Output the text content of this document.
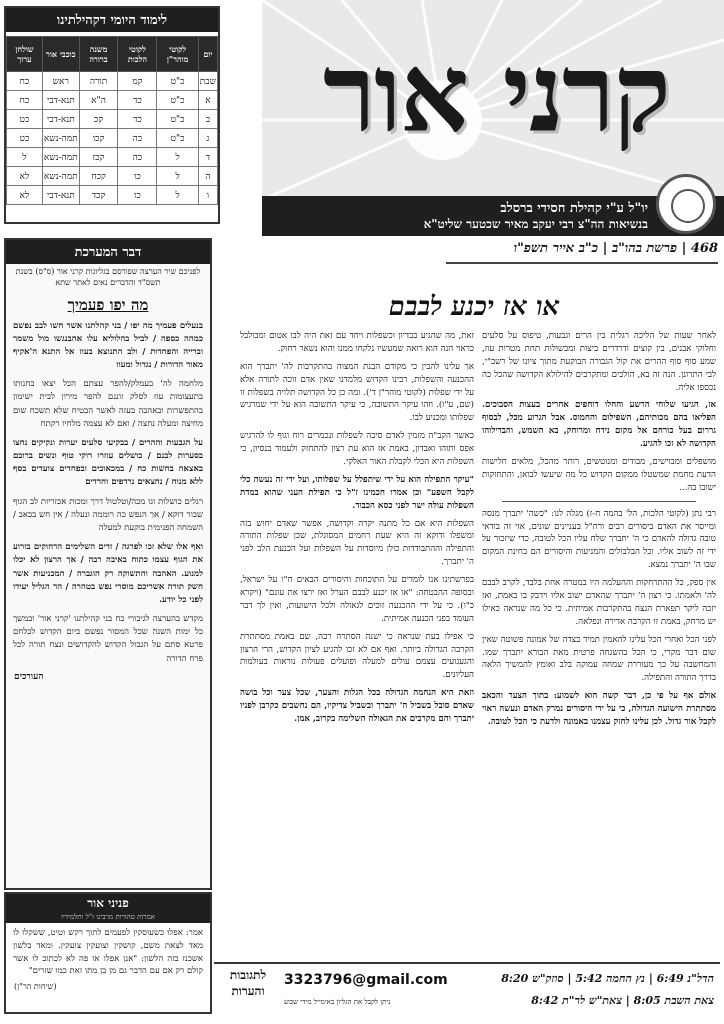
קרני אור
יו"ל ע"י קהילת חסידי ברסלב
בנשיאות הה"צ רבי יעקב מאיר שכטער שליט"א
468 | פרשת בהו"ב | כ"ב אייר תשפ"ו
לימוד היומי דקהילתינו
יום	לקוטי מוהר"ן	לקוטי הלכות	משנה ברורה	כוכבי אור	שולחן ערוך
שבת	כ"ט	קמ	תורה	ראש	כח
א	כ"ט	כד	ה"א	תנא-דבי	כח
ב	כ"ט	כד	קכ	תנא-דבי	כט
ג	כ"ט	כה	קכו	תמה-נשא	כט
ד	ל	כה	קכז	תמה-נשא	ל
ה	ל	כו	קכח	תמה-נשא	לא
ו	ל	כו	קכד	תנא-דבי	לא
דבר המערכת
לפניכם שיר הערצה שפורסם בגליונות קרני אור (ס"ס) בשנת תשס"ד והדברים נאים לאתר שתא
מה יפו פעמיך
בנעלים פעמיך מה יפו / בני קהלתנו אשר חשו לבב נפשם כמהה כספה / לביל בהלוליא עלו אחבנגשו מול משמר וברייה והפחדות / ולב התנוצא בעוז אל התנא ה'אקיף מאור הדורות / נגדול ומעוז
מלחמה לה' בעמלק/להפר עצתם הכל יצאו בחנותו בתעצומות עוז לסלק זוננם להפר מירון לבית ישימון בהתפשרות ובאהבה בעזה לאשר הבטיח שלא תשכח שום מחיצה ומעלה נחצה / ואם לא עצמה מלחיו רקתח
על הגבעות וההרים / בבקיעי סלעים יערות ונקיקים נחצו בסערות לבנם / כושלים עוזרו רוקי טוף ונשים ברובם באצאה בחשות כח / במכאובים ובפחדים צועדים בסף ללא מנוח / נחצאים נרדפים וחרדים
רגלים כושלות וגו מכה/וטלטול דרך ומכות אכזריות לב הגוף שבור דוקא / אך הנפש כה רוממה ונעלה / אין חש בכאב / השמחה הפנימית בוקעת למעלה
ואף אלו שלא זכו לפרגה / זדים השלימים הרחוקים בזרוע את הגוף עצמו כתוח באיבה רבה / אך הרצון לא יכלו למנוע. האהבה והתשוקה רק הוגברה / המכניעות אשר חשק תורה אשריכם מוסרי נפש בטהרה / הר הגליל יעידו לפני כל יודע.
מקדש בהערצה לגיבורי כח בני קהילתנו 'קרני אור' ובמשך כל ימות השנה שכל המסור נפשם ביום הקדוש לבלחם פרטא סתם על הגבול הקדוש להקדושים ונצח תורה לכל פרח הדורה
העורכים
פניני אור
אמרות טהורות מרבינו ז"ל ותלמידיו
אמר: אפלו כשעוסקין לפעמים לתוך רקש וטיט, ששקלו לו מאד לצאת משם, קושקין וצועקין צועקין. ומאד בלשון אשכנז בזה הלשון: "אנן אפלו או פה לא לכתוב לו אשר קולם רק אם עם הדבר גם מן בן מתו זאת כמו שזרים"
(שיחות הר"ן)
או אז יכנע לבבם

לאחר שעות של הליכה רגלית בין הרים וגבעות, טיפוס על סלעים וחלוקי אבנים, בין קוצים ודרדרים ביצות ומכשולות תחת מטרות עוז, שמע סוף סוף ההרים את קול הגבורה הבוקעת מתוך ציונו של רשב"י, לבי התרונן. הנה זה בא, הולכים ומתקרבים להילולא הקדושה שהכל כה נכספו אליה.

אז, הגיעו שלוחי הרשע והחלו דוחפים אחרים בעצות הסבוכים. הפליאו בהם מכותיהם, השפילום והחמוס. אבל הגרוע מכל, לבסוף גררום בעל כורחם אל מקום נידח ומרוחק, בא השמש, והבדילוהו הקדושה לא זכו להגיע.

מושפלים ומבוישים, מבודים ומנוטשים, רותר מהכל, מלאים חלישות הדעת מחמת שמשטלו ממקום הקדוש כל מה שיעשו לבואן, והתחזקות ישובו בה...

רבי נתן (לקוטי הלכות, הל' בהמה ח-ז) מגלה לנו: "כשה' יתברך מנסה ומייסר את האדם ביסורים רבים ורח"ל בעניינים שונים, אזי זה בודאי טובה גדולה להאדם כי ה' יתברך שלח עליו הכל לטובה, כדי שיזכור על ידי זה לשוב אליו. וכל הבלבולים והמניעות והיסורים הם בחינת המקום שבו ה' יתברך נמצא.

אין ספק, כל ההתרחקות וההעלמה היו במטרה אחת בלבד, לקרב לבבם לה' ולאמתו. כי רצון ה' יתברך שהאדם ישוב אליו וידבק בו באמת, ואז יזכה ליקר תפארת הנצח בהתקרבות אמיתית. כי כל מה שנראה כאילו יש מרחק, באמת זו הקרבה אדירה ונפלאה.

לפני הכל ואחרי הכל עלינו להאמין תמיד בצדה של אמונה פשוטה שאין שום דבר מקרי, כי הכל בהשגחה פרטית מאת הבורא יתברך שמו. והמחשבה על כך מעוררת שמחה עמוקה בלב ואומץ להמשיך הלאה בדרך התורה והתפילה.

אולם אף על פי כן, דבר קשה הוא לשמוע: בתוך הצער והכאב מסתתרת הישועה הגדולה, כי על ידי היסורים נמרק האדם ונעשה ראוי לקבל אור גדול. לכן עלינו לחזק עצמנו באמונה ולדעת כי הכל לטובה.

זאת, מה שהגיע בבדיון וכשפלות ויחד עם זאת היה לבו אטום ומבולבל כראוי הנה הוא רואה שמעשיו נלקחו ממנו והוא נשאר רחוק.

אך עלינו להבין כי מקודם הבנת המצוה בהתקרבות לה' יתברך הוא ההכנעה והשפלות, רבינו הקדוש מלמדנו שאין אדם זוכה לתורה אלא על ידי שפלות (לקוטי מוהר"ן ד'). ומה כן כל הקדושה תלויה בשפלות זו (שם, ע"ו). וזהו עיקר התשובה, כי עיקר התשובה הוא על ידי שמרגיש שפלותו ומכניע לבו.

כאשר הקב"ה מזמין לאדם סיבה לשפלות ונכמרים רוח וגוף לו להרגיש אפס ותוהו ואבדון, באמת אז הוא עת רצון להתחזק ולעמוד בנסיון, כי השפלות היא הכלי לקבלת האור האלקי.

"עיקר התפילה הוא על ידי שיתפלל על שפלותו, ועל ידי זה נעשה כלי לקבל השפע" וכן אמרו חכמינו ז"ל כי תפילת העני שהוא במדת השפלות עולה ישר לפני כסא הכבוד.

השפלות היא אם כל מתנה יקרה וקדושה, אפשר שאדם יחוש בזה ומשפלו ודוקא זה היא שעת רחמים המסוגלת, שכן שפלות התורה והתפילה וההתבודדות כולן מיוסדות על השפלות ועל הכנעת הלב לפני ה' יתברך.

בפרשתינו אנו לומדים על התוכחות והיסורים הבאים ח"ו על ישראל, ובסופה ההבטחה: "או אז יכנע לבבם הערל ואז ירצו את עונם" (ויקרא כ"ו). כי על ידי ההכנעה זוכים לגאולה ולכל הישועות, ואין לך דבר העומד בפני הכנעה אמיתית.

כי אפילו בעת שנראה כי ישנה הסתרה רבה, שם באמת מסתתרת הקרבה הגדולה ביותר. ואף אם לא זכו להגיע לציון הקדוש, הרי הרצון והגעגועים עצמם עולים למעלה ופועלים פעולות נוראות בעולמות העליונים.

וזאת היא הנחמה הגדולה בכל הגלות והצער, שכל צער וכל בושה שאדם סובל בשביל ה' יתברך ובשביל צדיקיו, הם נחשבים כקרבן לפניו יתברך והם מקרבים את הגאולה השלימה בקרוב, אמן.

הדל"נ 6:49 | נץ החמה 5:42 | סוזק"ש 8:20
צאת השבת 8:05 | צאת"ש לר"ת 8:42
3323796@gmail.com
ניתן לקבל את הגליון באימייל מידי שבוע
לתגובות והערות
